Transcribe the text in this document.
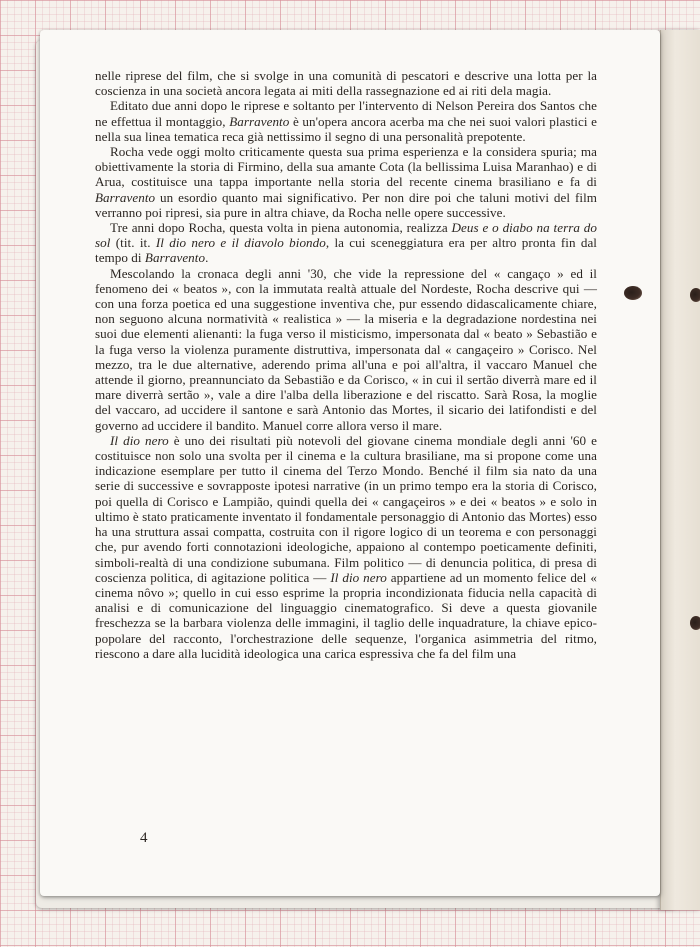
nelle riprese del film, che si svolge in una comunità di pescatori e descrive una lotta per la coscienza in una società ancora legata ai miti della rassegnazione ed ai riti dela magia.

Editato due anni dopo le riprese e soltanto per l'intervento di Nelson Pereira dos Santos che ne effettua il montaggio, Barravento è un'opera ancora acerba ma che nei suoi valori plastici e nella sua linea tematica reca già nettissimo il segno di una personalità prepotente.

Rocha vede oggi molto criticamente questa sua prima esperienza e la considera spuria; ma obiettivamente la storia di Firmino, della sua amante Cota (la bellissima Luisa Maranhao) e di Arua, costituisce una tappa importante nella storia del recente cinema brasiliano e fa di Barravento un esordio quanto mai significativo. Per non dire poi che taluni motivi del film verranno poi ripresi, sia pure in altra chiave, da Rocha nelle opere successive.

Tre anni dopo Rocha, questa volta in piena autonomia, realizza Deus e o diabo na terra do sol (tit. it. Il dio nero e il diavolo biondo, la cui sceneggiatura era per altro pronta fin dal tempo di Barravento.

Mescolando la cronaca degli anni '30, che vide la repressione del « cangaço » ed il fenomeno dei « beatos », con la immutata realtà attuale del Nordeste, Rocha descrive qui — con una forza poetica ed una suggestione inventiva che, pur essendo didascalicamente chiare, non seguono alcuna normatività « realistica » — la miseria e la degradazione nordestina nei suoi due elementi alienanti: la fuga verso il misticismo, impersonata dal « beato » Sebastião e la fuga verso la violenza puramente distruttiva, impersonata dal « cangaçeiro » Corisco. Nel mezzo, tra le due alternative, aderendo prima all'una e poi all'altra, il vaccaro Manuel che attende il giorno, preannunciato da Sebastião e da Corisco, « in cui il sertão diverrà mare ed il mare diverrà sertão », vale a dire l'alba della liberazione e del riscatto. Sarà Rosa, la moglie del vaccaro, ad uccidere il santone e sarà Antonio das Mortes, il sicario dei latifondisti e del governo ad uccidere il bandito. Manuel corre allora verso il mare.

Il dio nero è uno dei risultati più notevoli del giovane cinema mondiale degli anni '60 e costituisce non solo una svolta per il cinema e la cultura brasiliane, ma si propone come una indicazione esemplare per tutto il cinema del Terzo Mondo. Benché il film sia nato da una serie di successive e sovrapposte ipotesi narrative (in un primo tempo era la storia di Corisco, poi quella di Corisco e Lampião, quindi quella dei « cangaçeiros » e dei « beatos » e solo in ultimo è stato praticamente inventato il fondamentale personaggio di Antonio das Mortes) esso ha una struttura assai compatta, costruita con il rigore logico di un teorema e con personaggi che, pur avendo forti connotazioni ideologiche, appaiono al contempo poeticamente definiti, simboli-realtà di una condizione subumana. Film politico — di denuncia politica, di presa di coscienza politica, di agitazione politica — Il dio nero appartiene ad un momento felice del « cinema nôvo »; quello in cui esso esprime la propria incondizionata fiducia nella capacità di analisi e di comunicazione del linguaggio cinematografico. Si deve a questa giovanile freschezza se la barbara violenza delle immagini, il taglio delle inquadrature, la chiave epico-popolare del racconto, l'orchestrazione delle sequenze, l'organica asimmetria del ritmo, riescono a dare alla lucidità ideologica una carica espressiva che fa del film una

4
